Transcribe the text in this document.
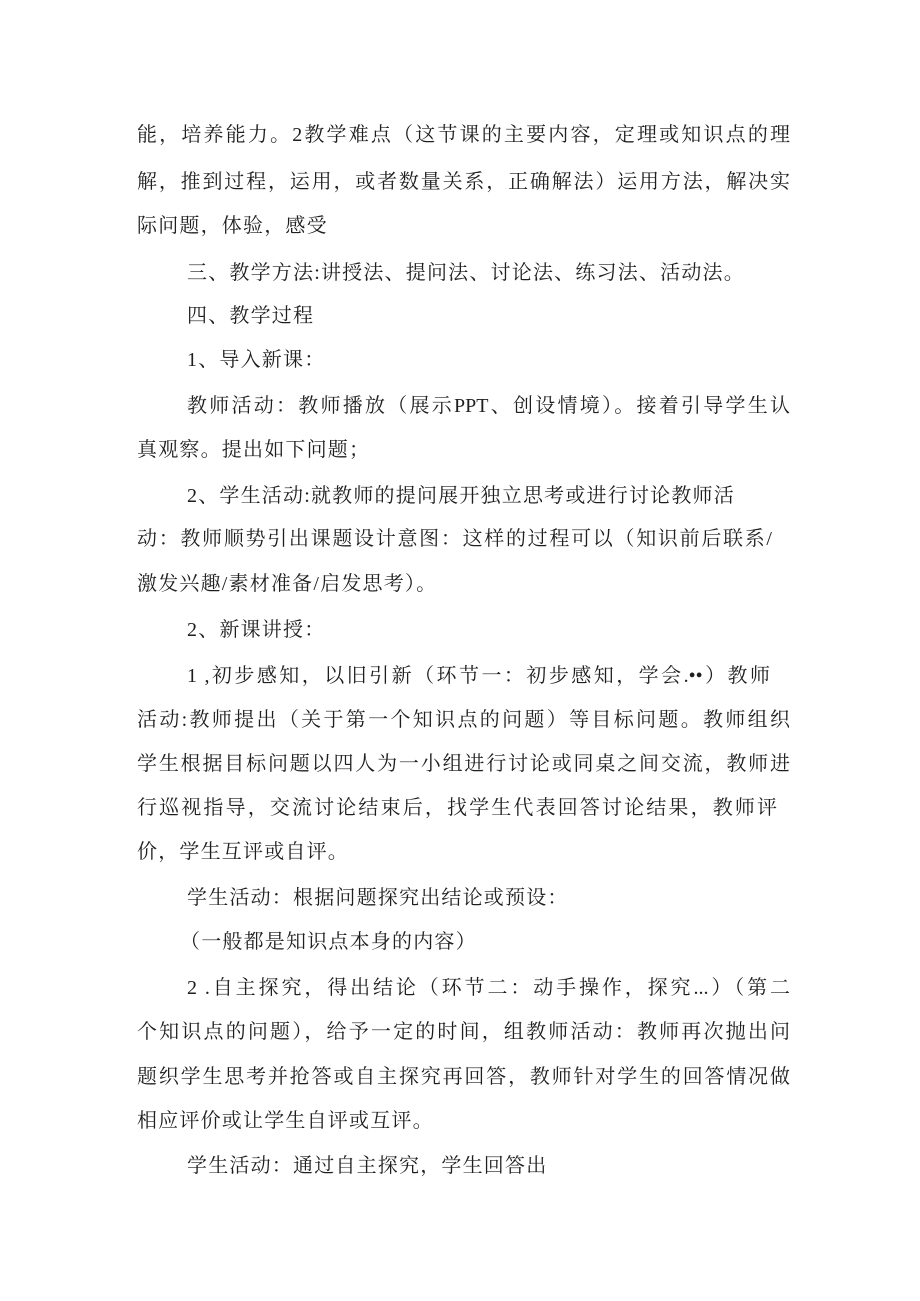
能，培养能力。2教学难点（这节课的主要内容，定理或知识点的理
解，推到过程，运用，或者数量关系，正确解法）运用方法，解决实
际问题，体验，感受
三、教学方法:讲授法、提问法、讨论法、练习法、活动法。
四、教学过程
1、导入新课：
教师活动：教师播放（展示PPT、创设情境）。接着引导学生认
真观察。提出如下问题；
2、学生活动:就教师的提问展开独立思考或进行讨论教师活
动：教师顺势引出课题设计意图：这样的过程可以（知识前后联系/
激发兴趣/素材准备/启发思考）。
2、新课讲授：
1 ,初步感知，以旧引新（环节一：初步感知，学会.••）教师
活动:教师提出（关于第一个知识点的问题）等目标问题。教师组织
学生根据目标问题以四人为一小组进行讨论或同桌之间交流，教师进
行巡视指导，交流讨论结束后，找学生代表回答讨论结果，教师评
价，学生互评或自评。
学生活动：根据问题探究出结论或预设：
（一般都是知识点本身的内容）
2 .自主探究，得出结论（环节二：动手操作，探究...）（第二
个知识点的问题），给予一定的时间，组教师活动：教师再次抛出问
题织学生思考并抢答或自主探究再回答，教师针对学生的回答情况做
相应评价或让学生自评或互评。
学生活动：通过自主探究，学生回答出
